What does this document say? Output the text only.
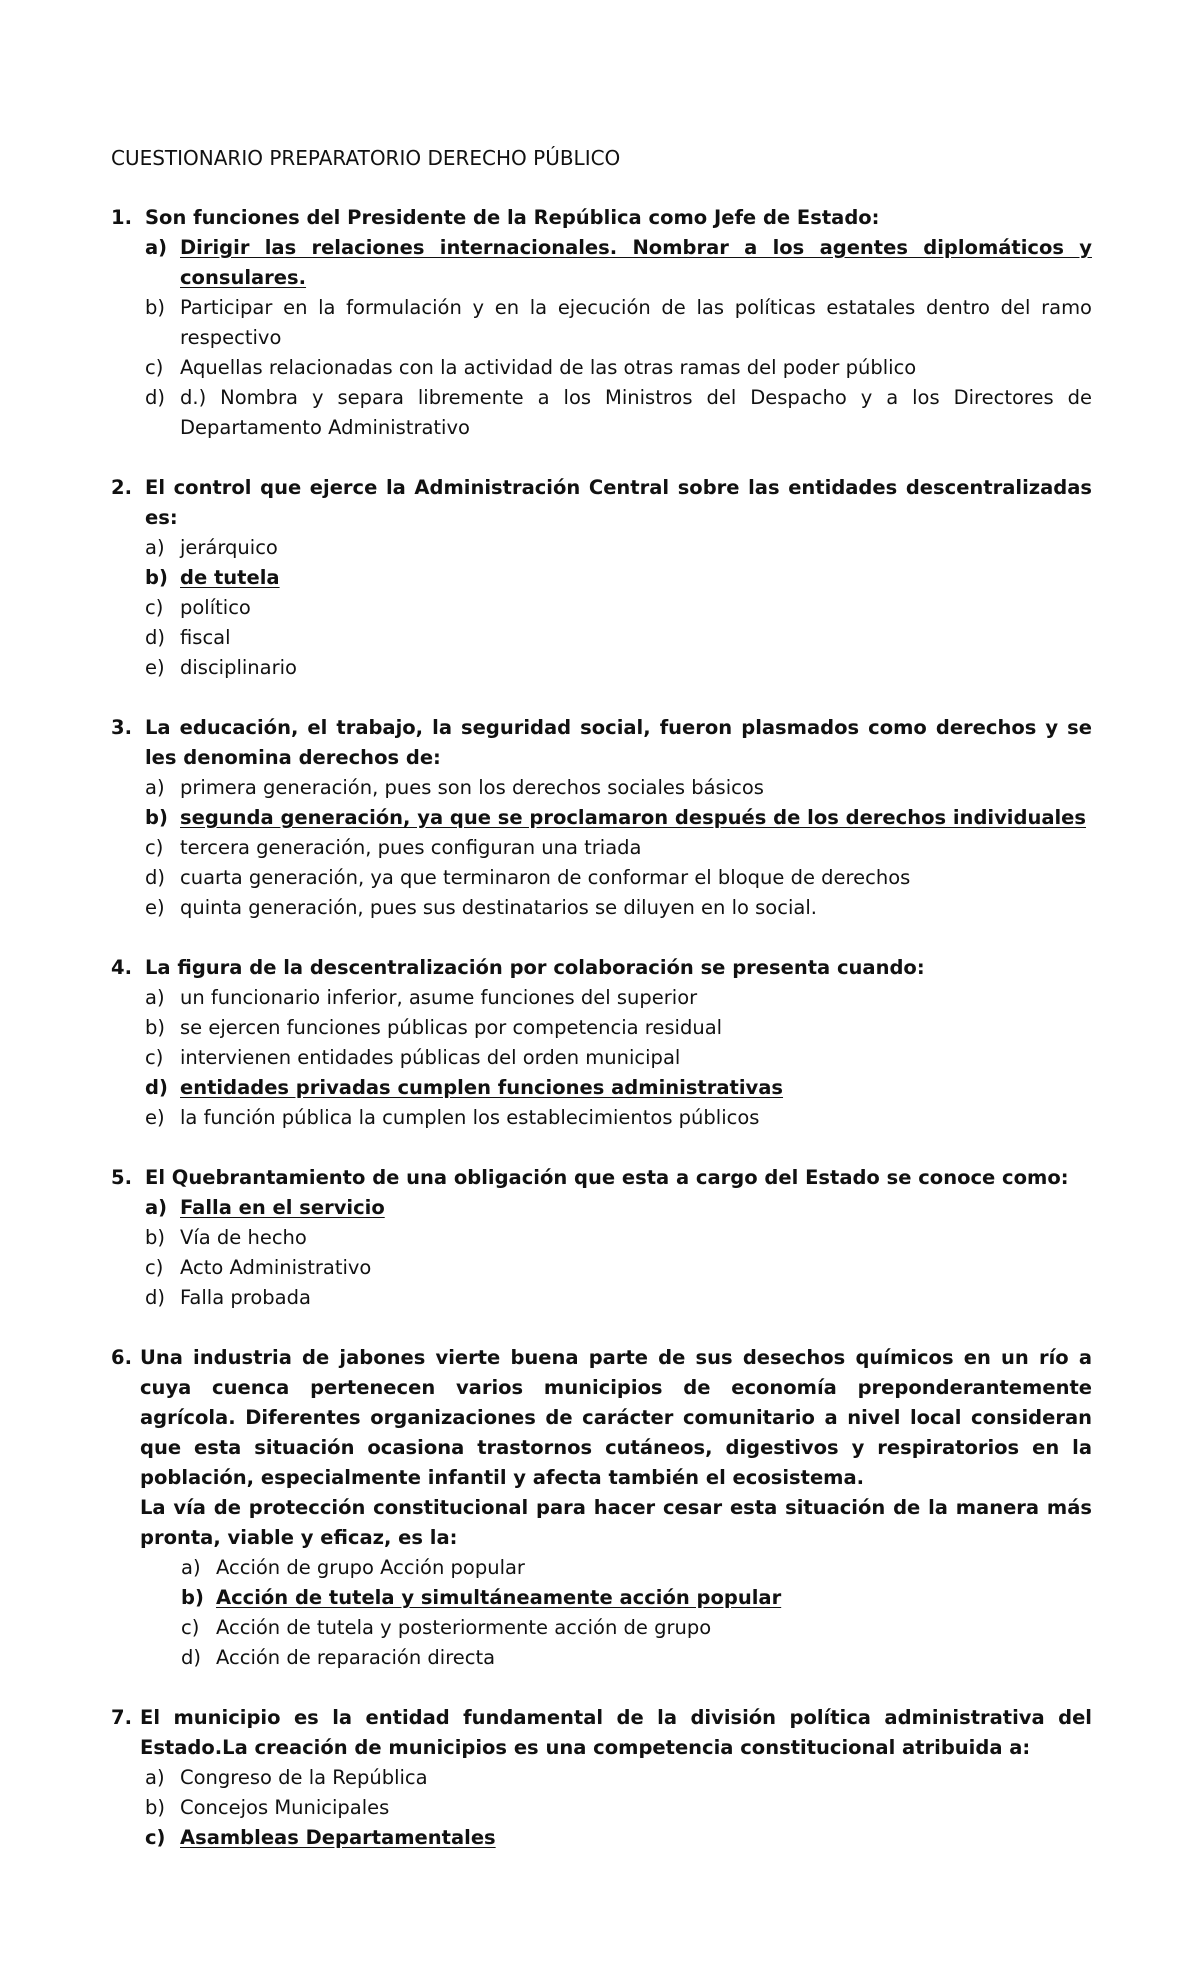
CUESTIONARIO PREPARATORIO DERECHO PÚBLICO
1. Son funciones del Presidente de la República como Jefe de Estado:

a) Dirigir las relaciones internacionales. Nombrar a los agentes diplomáticos y consulares.
b) Participar en la formulación y en la ejecución de las políticas estatales dentro del ramo respectivo
c) Aquellas relacionadas con la actividad de las otras ramas del poder público
d) d.) Nombra y separa libremente a los Ministros del Despacho y a los Directores de Departamento Administrativo
2. El control que ejerce la Administración Central sobre las entidades descentralizadas es:

a) jerárquico
b) de tutela
c) político
d) fiscal
e) disciplinario
3. La educación, el trabajo, la seguridad social, fueron plasmados como derechos y se les denomina derechos de:

a) primera generación, pues son los derechos sociales básicos
b) segunda generación, ya que se proclamaron después de los derechos individuales
c) tercera generación, pues configuran una triada
d) cuarta generación, ya que terminaron de conformar el bloque de derechos
e) quinta generación, pues sus destinatarios se diluyen en lo social.
4. La figura de la descentralización por colaboración se presenta cuando:

a) un funcionario inferior, asume funciones del superior
b) se ejercen funciones públicas por competencia residual
c) intervienen entidades públicas del orden municipal
d) entidades privadas cumplen funciones administrativas
e) la función pública la cumplen los establecimientos públicos
5. El Quebrantamiento de una obligación que esta a cargo del Estado se conoce como:

a) Falla en el servicio
b) Vía de hecho
c) Acto Administrativo
d) Falla probada
6. Una industria de jabones vierte buena parte de sus desechos químicos en un río a cuya cuenca pertenecen varios municipios de economía preponderantemente agrícola. Diferentes organizaciones de carácter comunitario a nivel local consideran que esta situación ocasiona trastornos cutáneos, digestivos y respiratorios en la población, especialmente infantil y afecta también el ecosistema.

La vía de protección constitucional para hacer cesar esta situación de la manera más pronta, viable y eficaz, es la:

a) Acción de grupo Acción popular
b) Acción de tutela y simultáneamente acción popular
c) Acción de tutela y posteriormente acción de grupo
d) Acción de reparación directa
7. El municipio es la entidad fundamental de la división política administrativa del Estado.La creación de municipios es una competencia constitucional atribuida a:

a) Congreso de la República
b) Concejos Municipales
c) Asambleas Departamentales
